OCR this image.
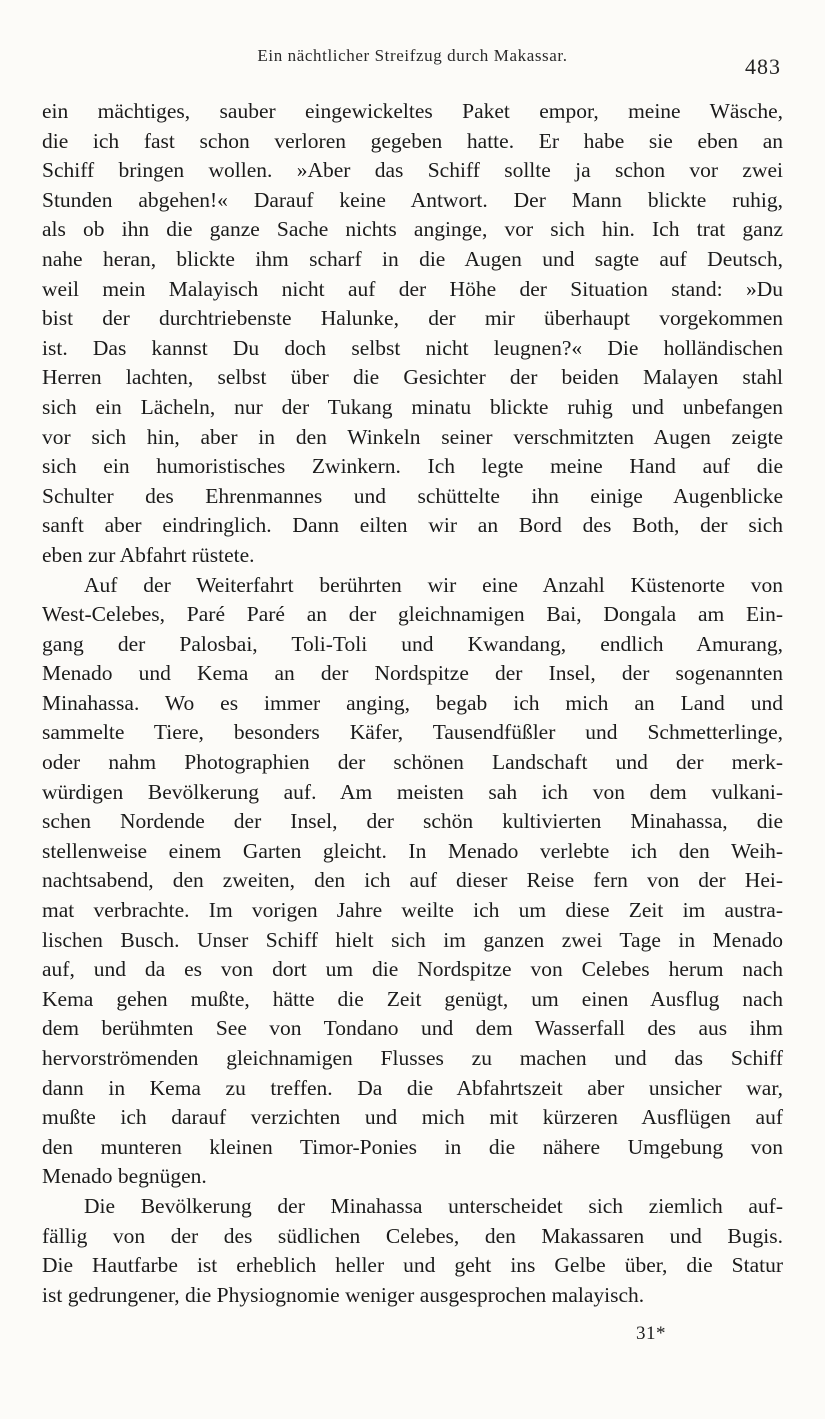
Ein nächtlicher Streifzug durch Makassar.	483
ein mächtiges, sauber eingewickeltes Paket empor, meine Wäsche,
die ich fast schon verloren gegeben hatte. Er habe sie eben an
Schiff bringen wollen. »Aber das Schiff sollte ja schon vor zwei
Stunden abgehen!« Darauf keine Antwort. Der Mann blickte ruhig,
als ob ihn die ganze Sache nichts anginge, vor sich hin. Ich trat ganz
nahe heran, blickte ihm scharf in die Augen und sagte auf Deutsch,
weil mein Malayisch nicht auf der Höhe der Situation stand: »Du
bist der durchtriebenste Halunke, der mir überhaupt vorgekommen
ist. Das kannst Du doch selbst nicht leugnen?« Die holländischen
Herren lachten, selbst über die Gesichter der beiden Malayen stahl
sich ein Lächeln, nur der Tukang minatu blickte ruhig und unbefangen
vor sich hin, aber in den Winkeln seiner verschmitzten Augen zeigte
sich ein humoristisches Zwinkern. Ich legte meine Hand auf die
Schulter des Ehrenmannes und schüttelte ihn einige Augenblicke
sanft aber eindringlich. Dann eilten wir an Bord des Both, der sich
eben zur Abfahrt rüstete.
Auf der Weiterfahrt berührten wir eine Anzahl Küstenorte von
West-Celebes, Paré Paré an der gleichnamigen Bai, Dongala am Ein-
gang der Palosbai, Toli-Toli und Kwandang, endlich Amurang,
Menado und Kema an der Nordspitze der Insel, der sogenannten
Minahassa. Wo es immer anging, begab ich mich an Land und
sammelte Tiere, besonders Käfer, Tausendfüßler und Schmetterlinge,
oder nahm Photographien der schönen Landschaft und der merk-
würdigen Bevölkerung auf. Am meisten sah ich von dem vulkani-
schen Nordende der Insel, der schön kultivierten Minahassa, die
stellenweise einem Garten gleicht. In Menado verlebte ich den Weih-
nachtsabend, den zweiten, den ich auf dieser Reise fern von der Hei-
mat verbrachte. Im vorigen Jahre weilte ich um diese Zeit im austra-
lischen Busch. Unser Schiff hielt sich im ganzen zwei Tage in Menado
auf, und da es von dort um die Nordspitze von Celebes herum nach
Kema gehen mußte, hätte die Zeit genügt, um einen Ausflug nach
dem berühmten See von Tondano und dem Wasserfall des aus ihm
hervorströmenden gleichnamigen Flusses zu machen und das Schiff
dann in Kema zu treffen. Da die Abfahrtszeit aber unsicher war,
mußte ich darauf verzichten und mich mit kürzeren Ausflügen auf
den munteren kleinen Timor-Ponies in die nähere Umgebung von
Menado begnügen.
Die Bevölkerung der Minahassa unterscheidet sich ziemlich auf-
fällig von der des südlichen Celebes, den Makassaren und Bugis.
Die Hautfarbe ist erheblich heller und geht ins Gelbe über, die Statur
ist gedrungener, die Physiognomie weniger ausgesprochen malayisch.
31*
